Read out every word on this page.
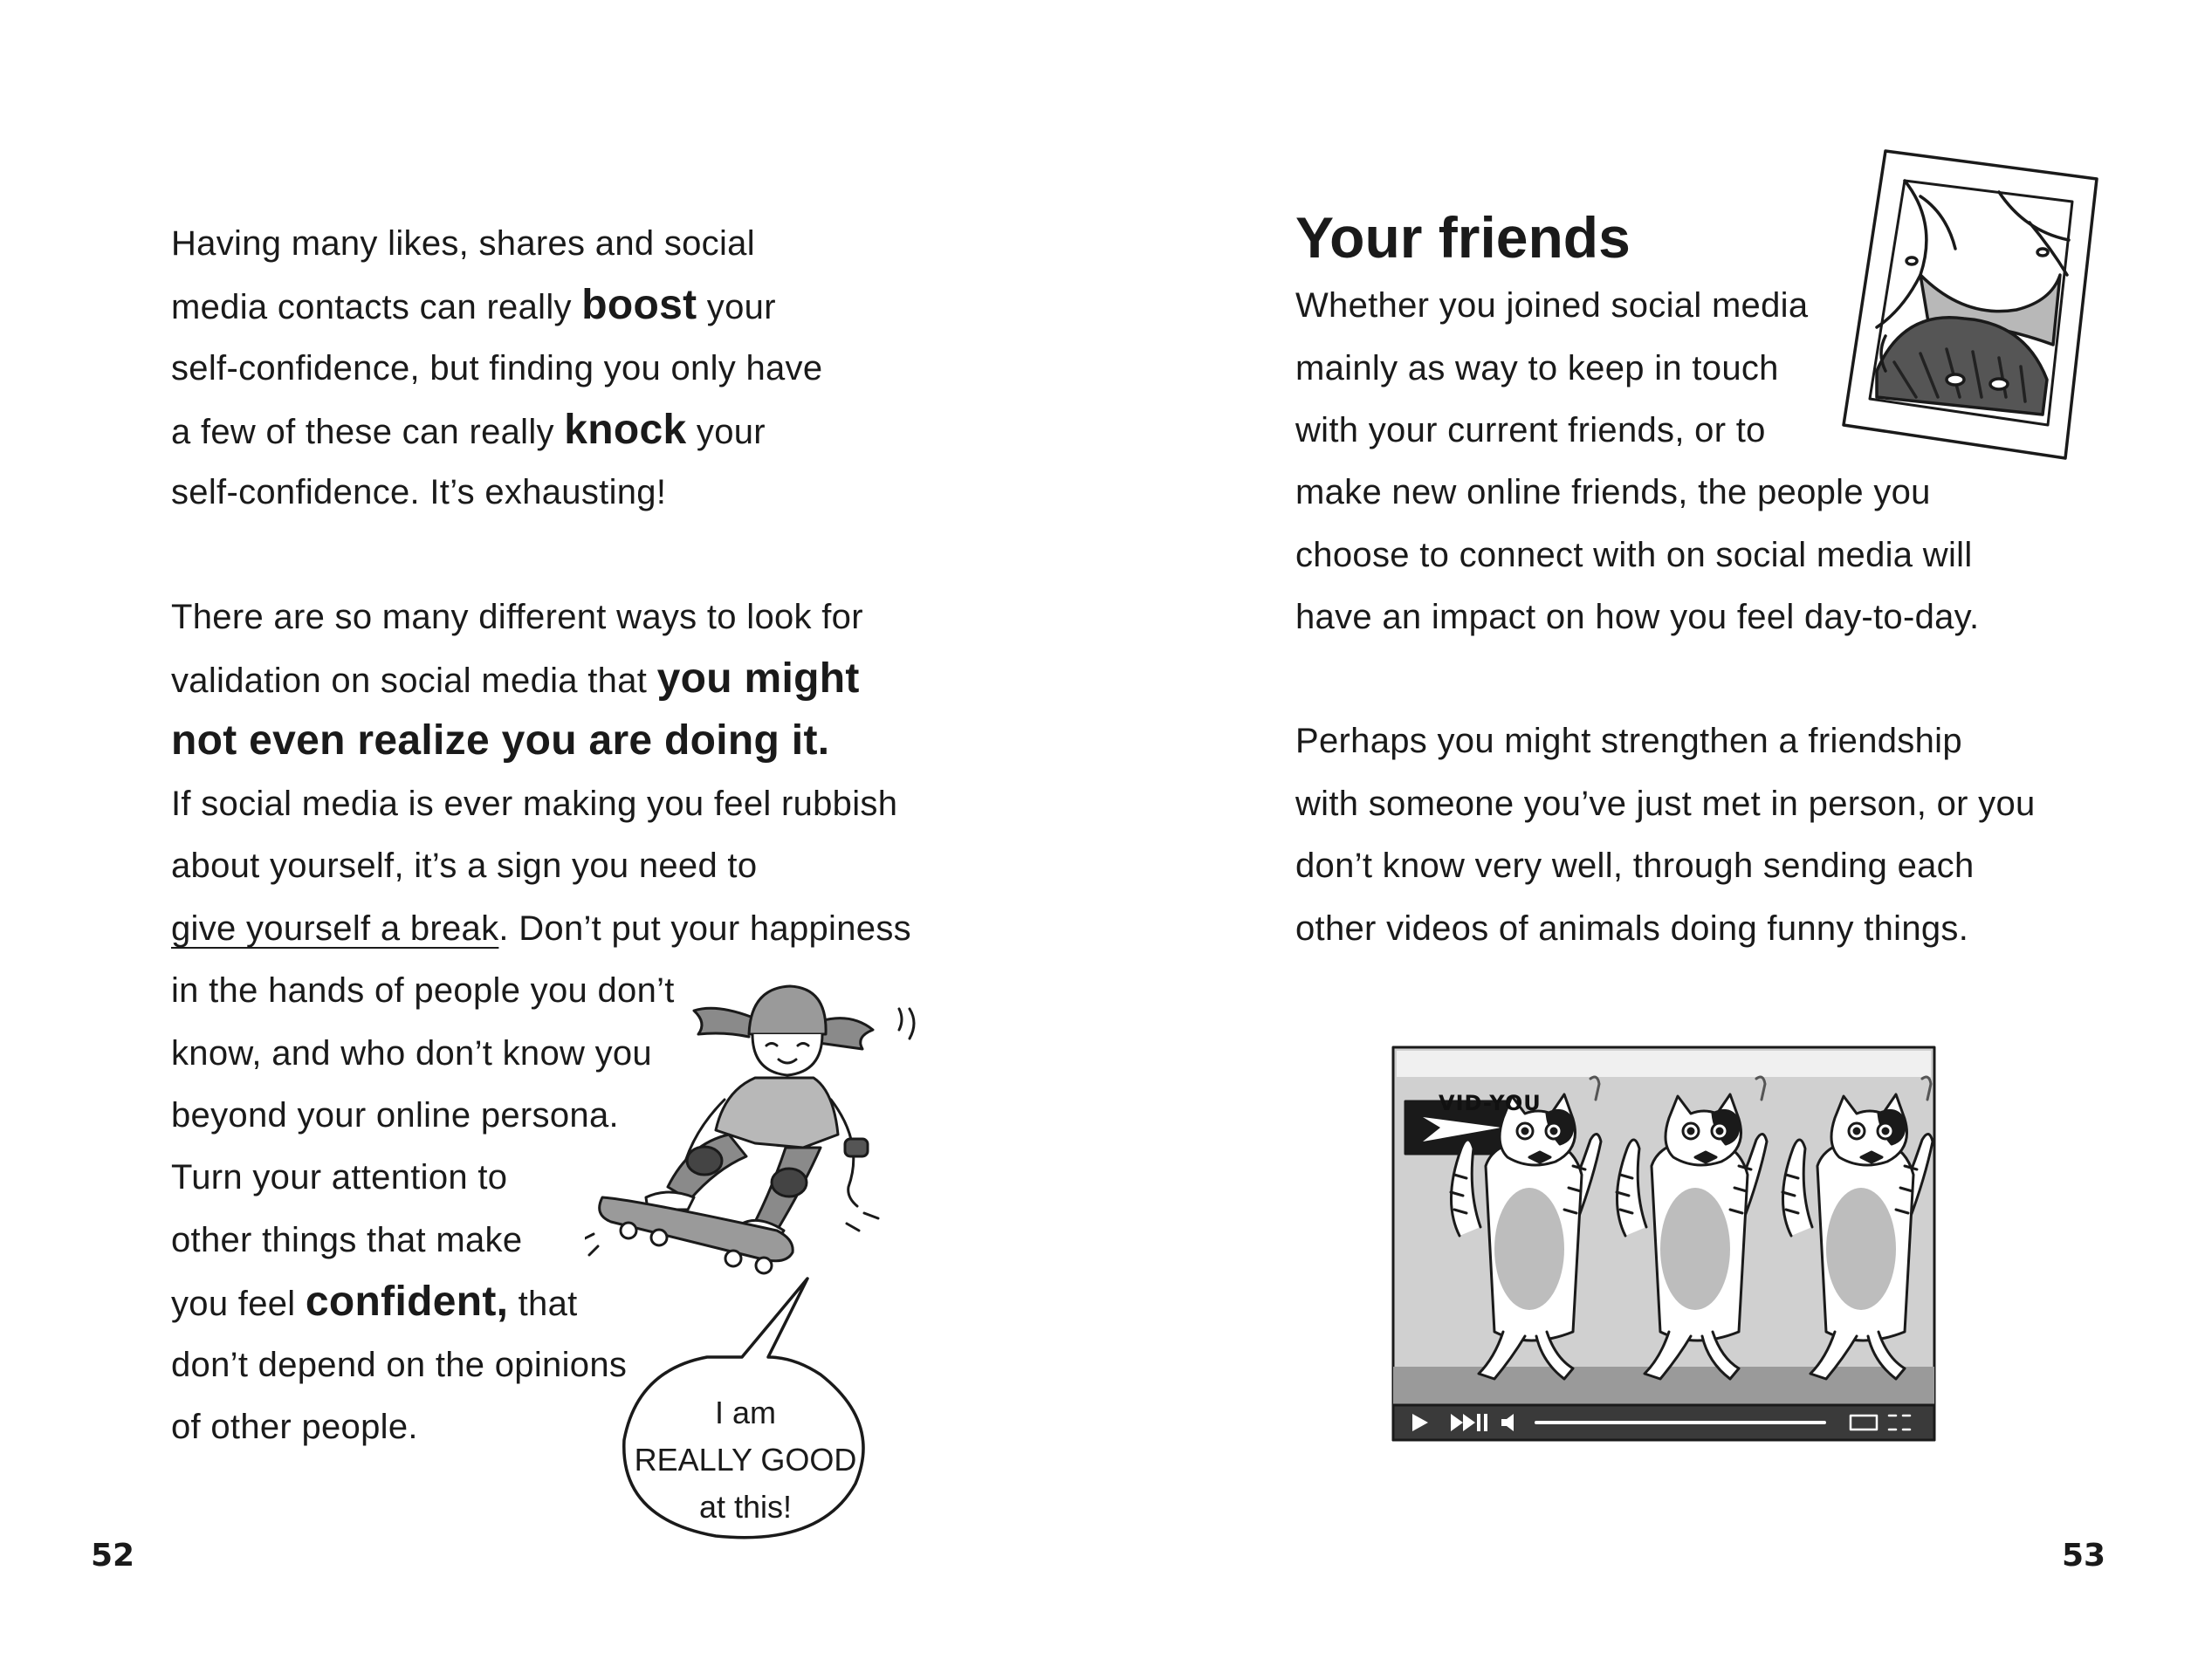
Having many likes, shares and social
media contacts can really boost your
self-confidence, but finding you only have
a few of these can really knock your
self-confidence. It’s exhausting!
There are so many different ways to look for
validation on social media that you might
not even realize you are doing it.
If social media is ever making you feel rubbish
about yourself, it’s a sign you need to
give yourself a break. Don’t put your happiness
in the hands of people you don’t
know, and who don’t know you
beyond your online persona.
Turn your attention to
other things that make
you feel confident, that
don’t depend on the opinions
of other people.	I am
REALLY GOOD
at this!
52
Your friends
Whether you joined social media
mainly as way to keep in touch
with your current friends, or to
make new online friends, the people you
choose to connect with on social media will
have an impact on how you feel day-to-day.
Perhaps you might strengthen a friendship
with someone you’ve just met in person, or you
don’t know very well, through sending each
other videos of animals doing funny things.
VID-YOU
53
